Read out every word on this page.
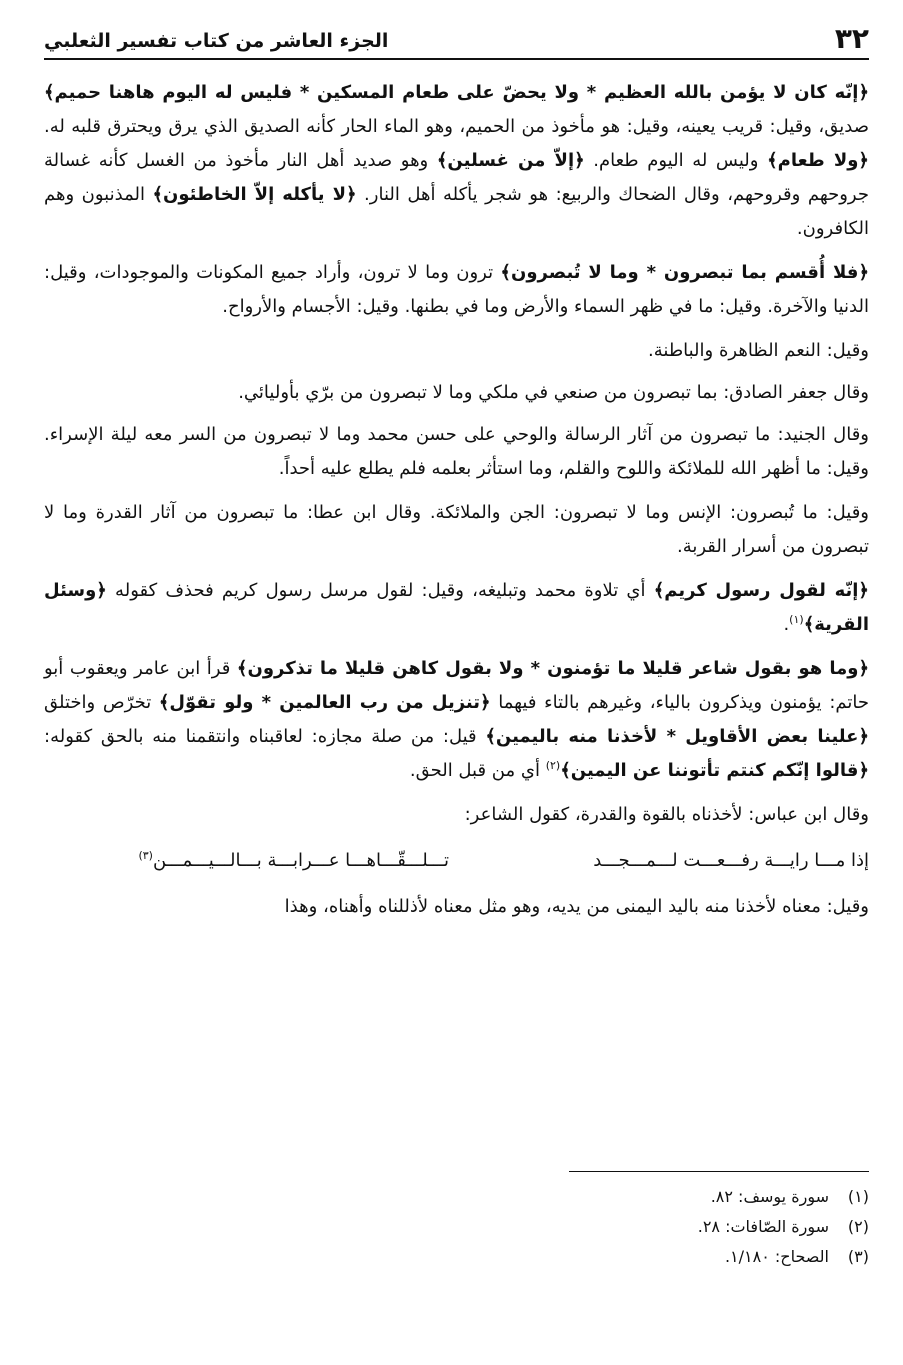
٣٢
الجزء العاشر من كتاب تفسير الثعلبي

﴿إنّه كان لا يؤمن بالله العظيم * ولا يحضّ على طعام المسكين * فليس له اليوم هاهنا حميم﴾ صديق، وقيل: قريب يعينه، وقيل: هو مأخوذ من الحميم، وهو الماء الحار كأنه الصديق الذي يرق ويحترق قلبه له. ﴿ولا طعام﴾ وليس له اليوم طعام. ﴿إلاّ من غسلين﴾ وهو صديد أهل النار مأخوذ من الغسل كأنه غسالة جروحهم وقروحهم، وقال الضحاك والربيع: هو شجر يأكله أهل النار. ﴿لا يأكله إلاّ الخاطئون﴾ المذنبون وهم الكافرون.

﴿فلا أُقسم بما تبصرون * وما لا تُبصرون﴾ ترون وما لا ترون، وأراد جميع المكونات والموجودات، وقيل: الدنيا والآخرة. وقيل: ما في ظهر السماء والأرض وما في بطنها. وقيل: الأجسام والأرواح.

وقيل: النعم الظاهرة والباطنة.

وقال جعفر الصادق: بما تبصرون من صنعي في ملكي وما لا تبصرون من برّي بأوليائي.

وقال الجنيد: ما تبصرون من آثار الرسالة والوحي على حسن محمد وما لا تبصرون من السر معه ليلة الإسراء. وقيل: ما أظهر الله للملائكة واللوح والقلم، وما استأثر بعلمه فلم يطلع عليه أحداً.

وقيل: ما تُبصرون: الإنس وما لا تبصرون: الجن والملائكة. وقال ابن عطا: ما تبصرون من آثار القدرة وما لا تبصرون من أسرار القربة.

﴿إنّه لقول رسول كريم﴾ أي تلاوة محمد وتبليغه، وقيل: لقول مرسل رسول كريم فحذف كقوله ﴿وسئل القرية﴾$^{(١)}$.

﴿وما هو بقول شاعر قليلا ما تؤمنون * ولا بقول كاهن قليلا ما تذكرون﴾ قرأ ابن عامر ويعقوب أبو حاتم: يؤمنون ويذكرون بالياء، وغيرهم بالتاء فيهما ﴿تنزيل من رب العالمين * ولو تقوّل﴾ تخرّص واختلق ﴿علينا بعض الأقاويل * لأخذنا منه باليمين﴾ قيل: من صلة مجازه: لعاقبناه وانتقمنا منه بالحق كقوله: ﴿قالوا إنّكم كنتم تأتوننا عن اليمين﴾$^{(٢)}$ أي من قبل الحق.

وقال ابن عباس: لأخذناه بالقوة والقدرة، كقول الشاعر:

إذا مـــا رايـــة رفـــعـــت لـــمـــجـــد
تـــلـــقّـــاهـــا عـــرابـــة بـــالـــيـــمـــن$^{(٣)}$

وقيل: معناه لأخذنا منه باليد اليمنى من يديه، وهو مثل معناه لأذللناه وأهناه، وهذا

(١)سورة يوسف: ٨٢.
(٢)سورة الصّافات: ٢٨.
(٣)الصحاح: ١/١٨٠.
